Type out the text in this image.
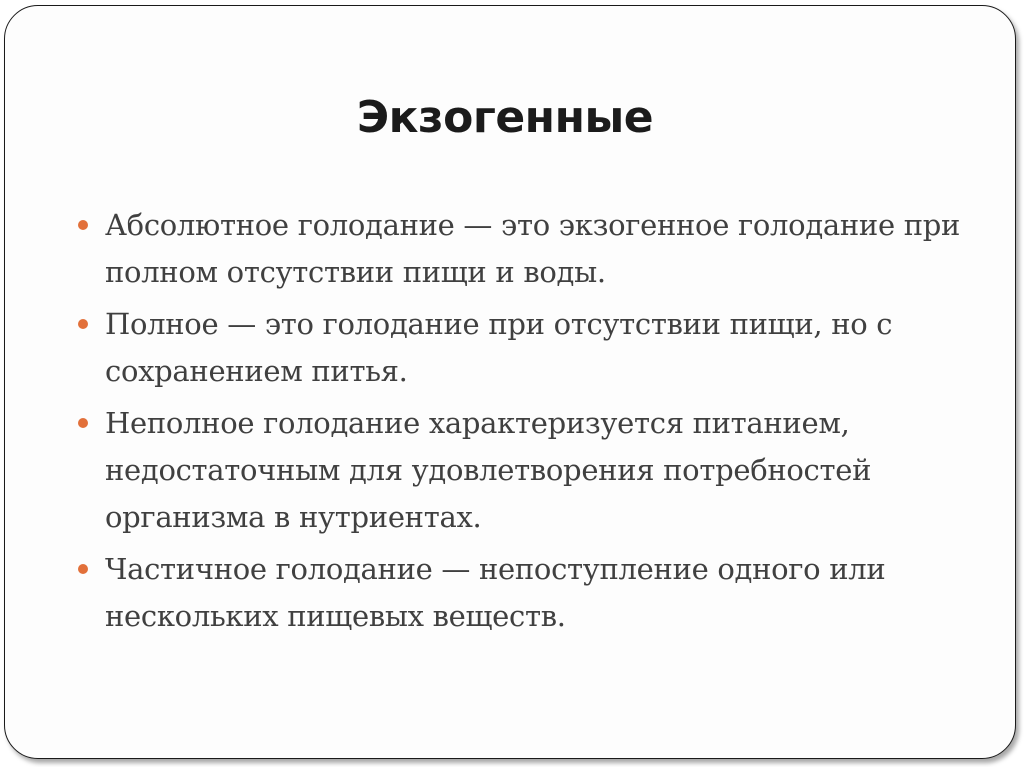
Экзогенные
Абсолютное голодание — это экзогенное голодание при полном отсутствии пищи и воды.
Полное — это голодание при отсутствии пищи, но с сохранением питья.
Неполное голодание характеризуется питанием, недостаточным для удовлетворения потребностей организма в нутриентах.
Частичное голодание — непоступление одного или нескольких пищевых веществ.
